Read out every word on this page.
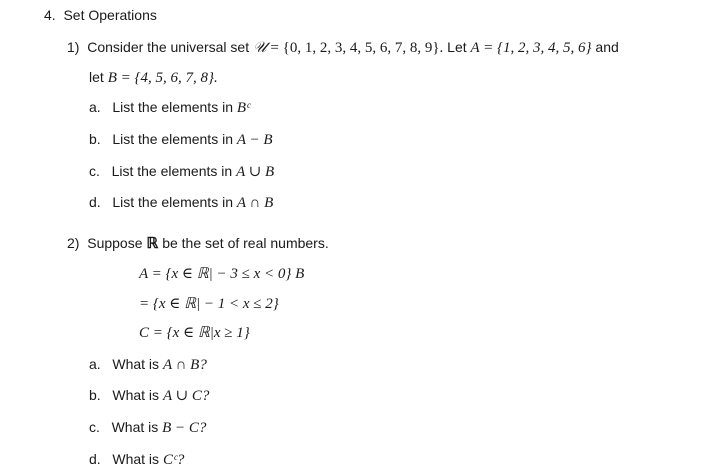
4. Set Operations
1) Consider the universal set 𝒰 = {0, 1, 2, 3, 4, 5, 6, 7, 8, 9}. Let A = {1, 2, 3, 4, 5, 6} and
let B = {4, 5, 6, 7, 8}.
a. List the elements in Bᶜ
b. List the elements in A − B
c. List the elements in A ∪ B
d. List the elements in A ∩ B
2) Suppose ℝ be the set of real numbers.
A = {x ∈ ℝ| − 3 ≤ x < 0} B
= {x ∈ ℝ| − 1 < x ≤ 2}
C = {x ∈ ℝ|x ≥ 1}
a. What is A ∩ B?
b. What is A ∪ C?
c. What is B − C?
d. What is Cᶜ?
